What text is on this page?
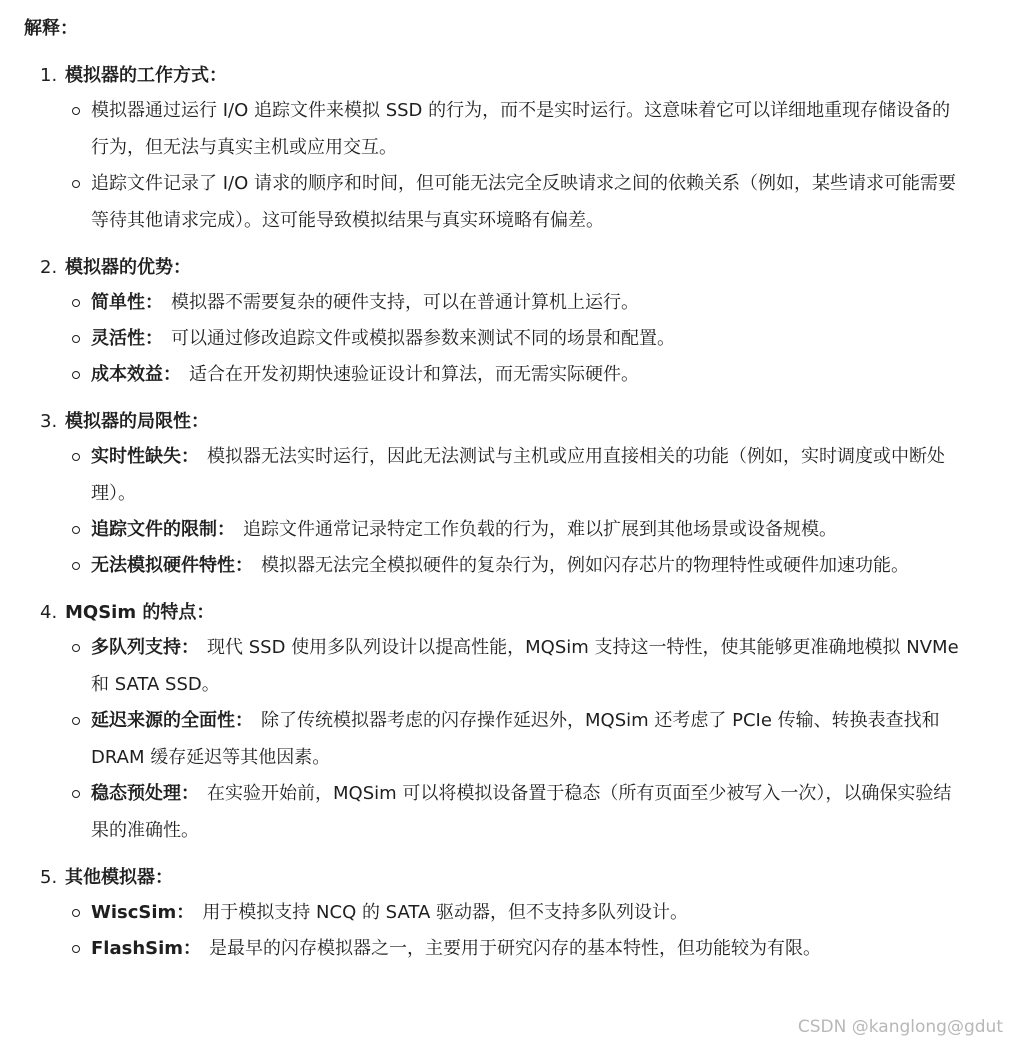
解释：
1. 模拟器的工作方式：
模拟器通过运行 I/O 追踪文件来模拟 SSD 的行为，而不是实时运行。这意味着它可以详细地重现存储设备的行为，但无法与真实主机或应用交互。
追踪文件记录了 I/O 请求的顺序和时间，但可能无法完全反映请求之间的依赖关系（例如，某些请求可能需要等待其他请求完成）。这可能导致模拟结果与真实环境略有偏差。
2. 模拟器的优势：
简单性： 模拟器不需要复杂的硬件支持，可以在普通计算机上运行。
灵活性： 可以通过修改追踪文件或模拟器参数来测试不同的场景和配置。
成本效益： 适合在开发初期快速验证设计和算法，而无需实际硬件。
3. 模拟器的局限性：
实时性缺失： 模拟器无法实时运行，因此无法测试与主机或应用直接相关的功能（例如，实时调度或中断处理）。
追踪文件的限制： 追踪文件通常记录特定工作负载的行为，难以扩展到其他场景或设备规模。
无法模拟硬件特性： 模拟器无法完全模拟硬件的复杂行为，例如闪存芯片的物理特性或硬件加速功能。
4. MQSim 的特点：
多队列支持： 现代 SSD 使用多队列设计以提高性能，MQSim 支持这一特性，使其能够更准确地模拟 NVMe 和 SATA SSD。
延迟来源的全面性： 除了传统模拟器考虑的闪存操作延迟外，MQSim 还考虑了 PCIe 传输、转换表查找和 DRAM 缓存延迟等其他因素。
稳态预处理： 在实验开始前，MQSim 可以将模拟设备置于稳态（所有页面至少被写入一次），以确保实验结果的准确性。
5. 其他模拟器：
WiscSim： 用于模拟支持 NCQ 的 SATA 驱动器，但不支持多队列设计。
FlashSim： 是最早的闪存模拟器之一，主要用于研究闪存的基本特性，但功能较为有限。
CSDN @kanglong@gdut
